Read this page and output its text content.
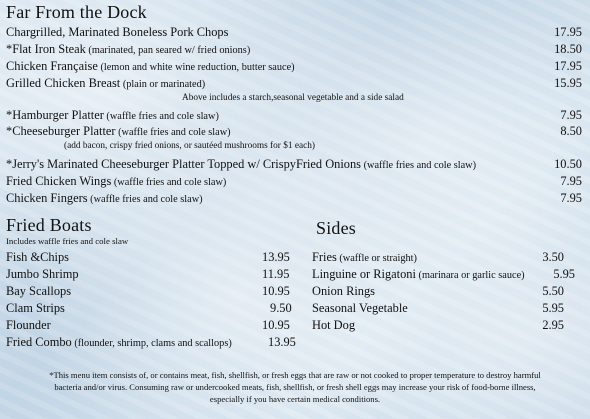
Far From the Dock
Chargrilled, Marinated Boneless Pork Chops	17.95
*Flat Iron Steak (marinated, pan seared w/ fried onions)	18.50
Chicken Française (lemon and white wine reduction, butter sauce)	17.95
Grilled Chicken Breast (plain or marinated)	15.95
Above includes a starch,seasonal vegetable and a side salad
*Hamburger Platter (waffle fries and cole slaw)	7.95
*Cheeseburger Platter (waffle fries and cole slaw)	8.50
(add bacon, crispy fried onions, or sautéed mushrooms for $1 each)
*Jerry's Marinated Cheeseburger Platter Topped w/ CrispyFried Onions (waffle fries and cole slaw)	10.50
Fried Chicken Wings (waffle fries and cole slaw)	7.95
Chicken Fingers (waffle fries and cole slaw)	7.95
Fried Boats
Includes waffle fries and cole slaw
Fish &Chips	13.95
Jumbo Shrimp	11.95
Bay Scallops	10.95
Clam Strips	9.50
Flounder	10.95
Fried Combo (flounder, shrimp, clams and scallops)	13.95
Sides
Fries (waffle or straight)	3.50
Linguine or Rigatoni (marinara or garlic sauce) 5.95
Onion Rings	5.50
Seasonal Vegetable	5.95
Hot Dog	2.95
*This menu item consists of, or contains meat, fish, shellfish, or fresh eggs that are raw or not cooked to proper temperature to destroy harmful
bacteria and/or virus. Consuming raw or undercooked meats, fish, shellfish, or fresh shell eggs may increase your risk of food-borne illness,
especially if you have certain medical conditions.
